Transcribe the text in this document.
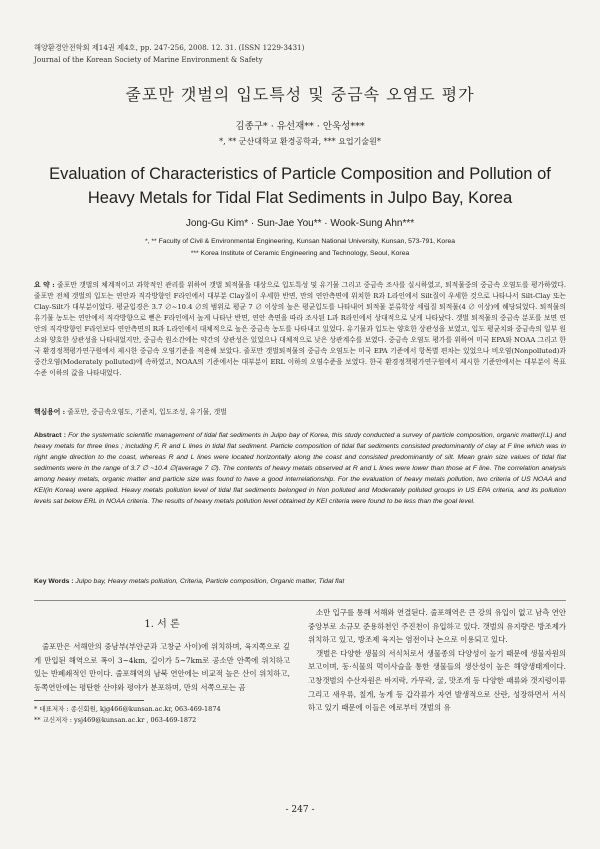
해양환경안전학회 제14권 제4호, pp. 247-256, 2008. 12. 31. (ISSN 1229-3431)
Journal of the Korean Society of Marine Environment & Safety
줄포만 갯벌의 입도특성 및 중금속 오염도 평가
김종구* · 유선재** · 안욱성***
*, ** 군산대학교 환경공학과, *** 요업기술원*
Evaluation of Characteristics of Particle Composition and Pollution of Heavy Metals for Tidal Flat Sediments in Julpo Bay, Korea
Jong-Gu Kim* · Sun-Jae You** · Wook-Sung Ahn***
*, ** Faculty of Civil & Environmental Engineering, Kunsan National University, Kunsan, 573-791, Korea
*** Korea Institute of Ceramic Engineering and Technology, Seoul, Korea
요 약 : 줄포만 갯벌의 체계적이고 과학적인 관리를 위하여 갯벌 퇴적물을 대상으로 입도특성 및 유기물 그리고 중금속 조사를 실시하였고, 퇴적물중의 중금속 오염도를 평가하였다. 줄포만 전체 갯벌의 입도는 연안과 직각방향인 F라인에서 대부분 Clay질이 우세한 반면, 만의 연안측면에 위치한 R과 L라인에서 Silt질이 우세한 것으로 나타나서 Silt-Clay 또는 Clay-Silt가 대부분이었다. 평균입경은 3.7 ∅~10.4 ∅의 범위로 평균 7 ∅ 이상의 높은 평균입도를 나타내어 퇴적물 분류학상 세립질 퇴적물(4 ∅ 이상)에 해당되었다. 퇴적물의 유기물 농도는 연안에서 직각방향으로 뻗은 F라인에서 높게 나타난 반면, 연안 측면을 따라 조사된 L과 R라인에서 상대적으로 낮게 나타났다. 갯벌 퇴적물의 중금속 분포를 보면 연안의 직각방향인 F라인보다 연안측면의 R과 L라인에서 대체적으로 높은 중금속 농도를 나타내고 있었다. 유기물과 입도는 양호한 상관성을 보였고, 입도 평균치와 중금속의 일부 원소와 양호한 상관성을 나타내었지만, 중금속 원소간에는 약간의 상관성은 있었으나 대체적으로 낮은 상관계수를 보였다. 중금속 오염도 평가를 위하여 미국 EPA와 NOAA 그리고 한국 환경정책평가연구원에서 제시한 중금속 오염기준을 적용해 보았다. 줄포만 갯벌퇴적물의 중금속 오염도는 미국 EPA 기준에서 항목별 편차는 있었으나 비오염(Nonpolluted)과 중간오염(Moderately polluted)에 속하였고, NOAA의 기준에서는 대부분이 ERL 이하의 오염수준을 보였다. 한국 환경정책평가연구원에서 제시한 기준안에서는 대부분이 목표수준 이하의 값을 나타내었다.
핵심용어 : 줄포만, 중금속오염도, 기준치, 입도조성, 유기물, 갯벌
Abstract : For the systematic scientific management of tidal flat sediments in Julpo bay of Korea, this study conducted a survey of particle composition, organic matter(I.L) and heavy metals for three lines ; including F, R and L lines in tidal flat sediment. Particle composition of tidal flat sediments consisted predominantly of clay at F line which was in right angle direction to the coast, whereas R and L lines were located horizontally along the coast and consisted predominantly of silt. Mean grain size values of tidal flat sediments were in the range of 3.7 ∅ ~10.4 ∅(average 7 ∅). The contents of heavy metals observed at R and L lines were lower than those at F line. The correlation analysis among heavy metals, organic matter and particle size was found to have a good interrelationship. For the evaluation of heavy metals pollution, two criteria of US NOAA and KEI(in Korea) were applied. Heavy metals pollution level of tidal flat sediments belonged in Non polluted and Moderately polluted groups in US EPA criteria, and its pollution levels sat below ERL in NOAA criteria. The results of heavy metals pollution level obtained by KEI criteria were found to be less than the goal level.
Key Words : Julpo bay, Heavy metals pollution, Criteria, Particle composition, Organic matter, Tidal flat
1. 서 론

줄포만은 서해안의 중남부(부안군과 고창군 사이)에 위치하며, 육지쪽으로 깊게 만입된 해역으로 폭이 3~4km, 길이가 5~7km로 공소만 안쪽에 위치하고 있는 반폐쇄적인 만이다. 줄포해역의 남북 연안에는 비교적 높은 산이 위치하고, 동쪽연안에는 평탄한 산야와 평야가 분포하며, 만의 서쪽으로는 곰

* 대표저자 : 종신회원, kjg466@kunsan.ac.kr, 063-469-1874

** 교신저자 : ysj469@kunsan.ac.kr , 063-469-1872

소만 입구를 통해 서해와 연결된다. 줄포해역은 큰 강의 유입이 없고 남측 연안 중앙부로 소규모 준용하천인 주진천이 유입하고 있다. 갯벌의 유지량은 방조제가 위치하고 있고, 방조제 육지는 염전이나 논으로 이용되고 있다.

갯벌은 다양한 생물의 서식처로서 생물종의 다양성이 높기 때문에 생물자원의 보고이며, 동·식물의 먹이사슬을 통한 생물들의 생산성이 높은 해양생태계이다. 고창갯벌의 수산자원은 바지락, 가무락, 굴, 맛조개 등 다양한 패류와 갯지렁이류 그리고 새우류, 칠게, 농게 등 갑각류가 자연 발생적으로 산란, 성장하면서 서식하고 있기 때문에 이들은 에로부터 갯벌의 유

- 247 -
